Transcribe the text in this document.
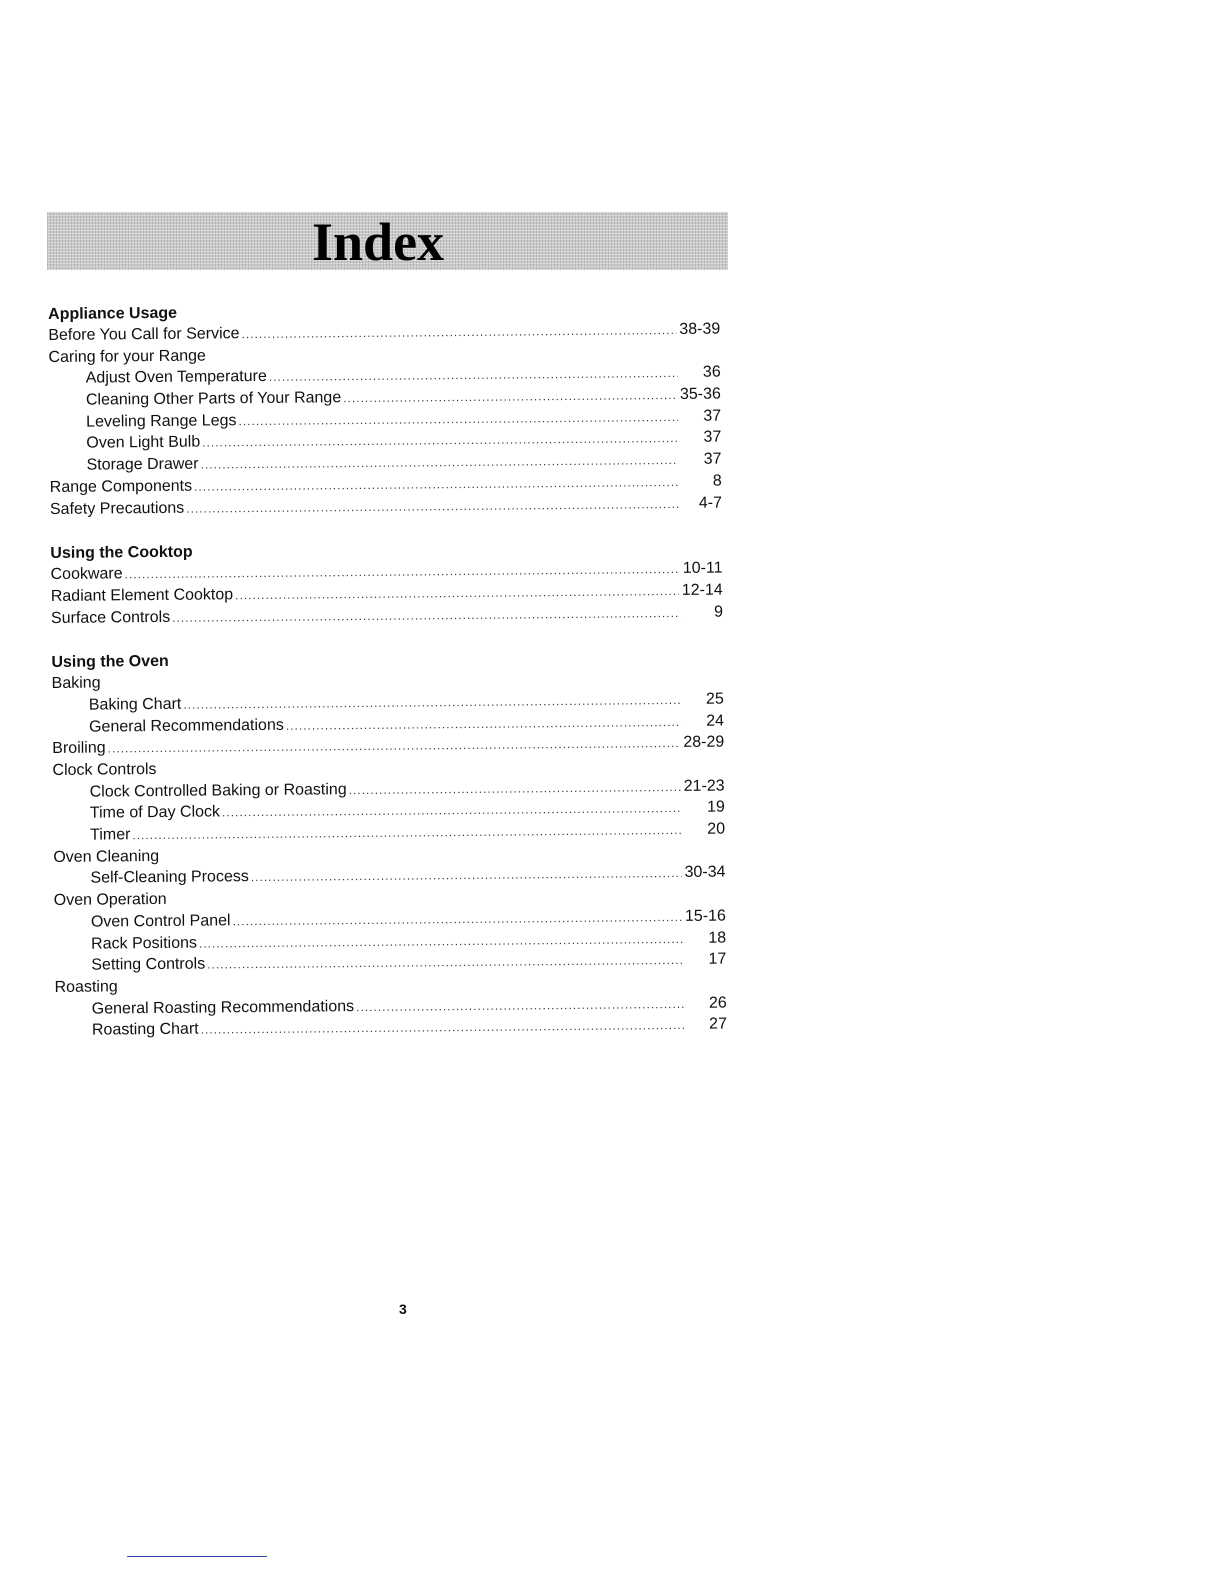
Index
Appliance Usage
Before You Call for Service .....	38-39
Caring for your Range
Adjust Oven Temperature .....	36
Cleaning Other Parts of Your Range .....	35-36
Leveling Range Legs .....	37
Oven Light Bulb .....	37
Storage Drawer .....	37
Range Components .....	8
Safety Precautions .....	4-7
Using the Cooktop
Cookware .....	10-11
Radiant Element Cooktop .....	12-14
Surface Controls .....	9
Using the Oven
Baking
Baking Chart .....	25
General Recommendations .....	24
Broiling .....	28-29
Clock Controls
Clock Controlled Baking or Roasting .....	21-23
Time of Day Clock .....	19
Timer .....	20
Oven Cleaning
Self-Cleaning Process .....	30-34
Oven Operation
Oven Control Panel .....	15-16
Rack Positions .....	18
Setting Controls .....	17
Roasting
General Roasting Recommendations .....	26
Roasting Chart .....	27
3
